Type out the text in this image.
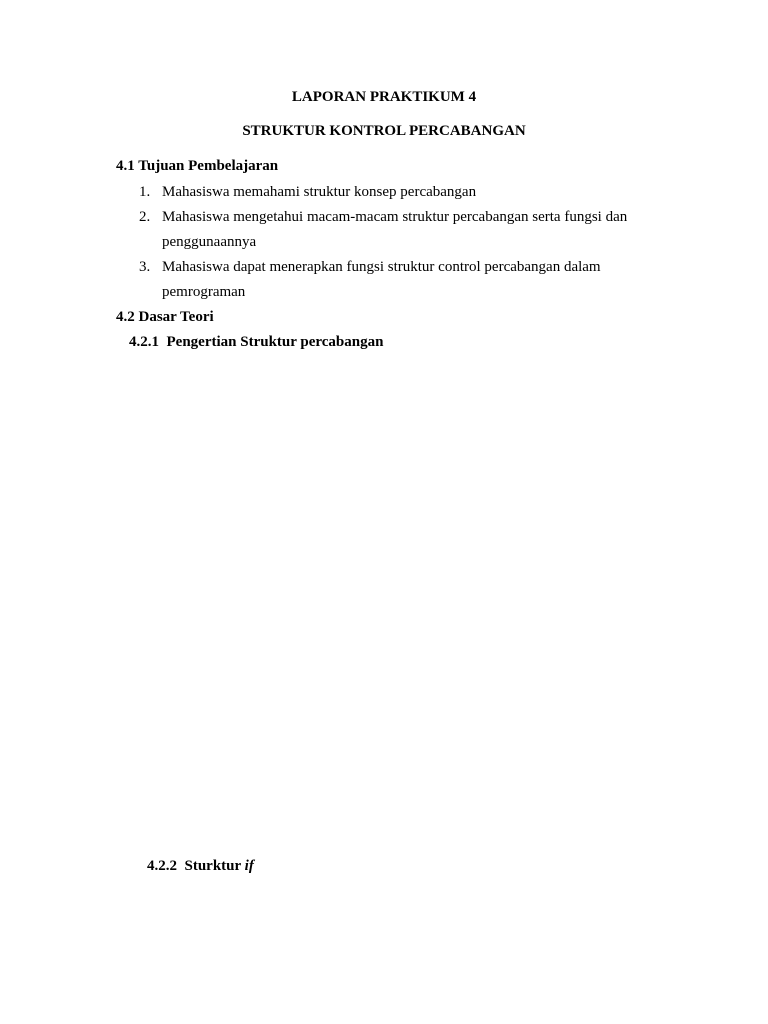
LAPORAN PRAKTIKUM 4
STRUKTUR KONTROL PERCABANGAN
4.1 Tujuan Pembelajaran
1. Mahasiswa memahami struktur konsep percabangan
2. Mahasiswa mengetahui macam-macam struktur percabangan serta fungsi dan
penggunaannya
3. Mahasiswa dapat menerapkan fungsi struktur control percabangan dalam
pemrograman
4.2 Dasar Teori
4.2.1  Pengertian Struktur percabangan
4.2.2  Sturktur if
